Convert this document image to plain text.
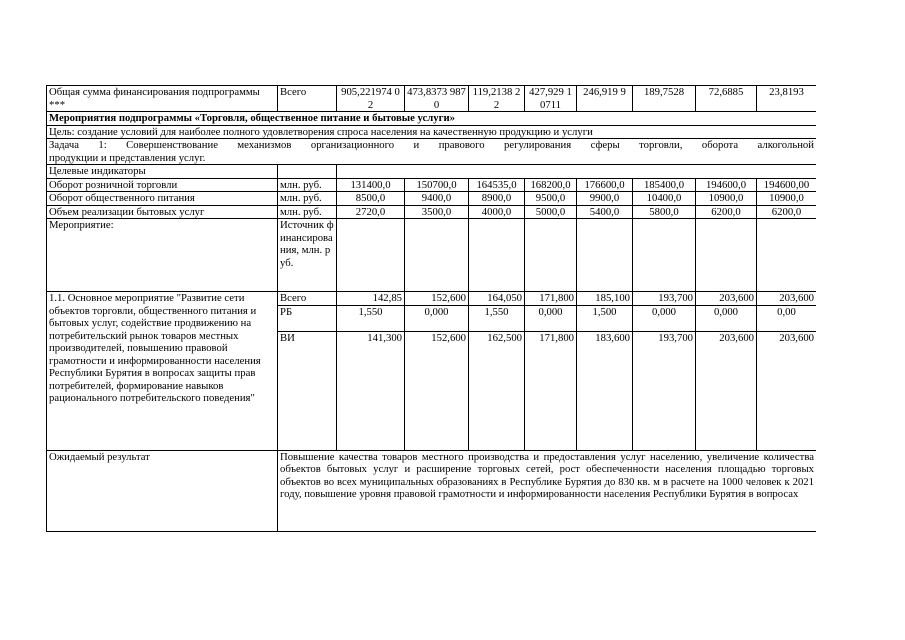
Общая сумма финансирования подпрограммы ***	Всего	905,221974 02	473,8373 9870	119,2138 22	427,929 10711	246,919 9	189,7528	72,6885	23,8193
Мероприятия подпрограммы «Торговля, общественное питание и бытовые услуги»									
Цель: создание условий для наиболее полного удовлетворения спроса населения на качественную продукцию и услуги									

Задача 1: Совершенствование механизмов организационного и правового регулирования сферы торговли, оборота алкогольной
продукции и представления услуг.									

Целевые индикаторы									
Оборот розничной торговли	млн. руб.	131400,0	150700,0	164535,0	168200,0	176600,0	185400,0	194600,0	194600,00
Оборот общественного питания	млн. руб.	8500,0	9400,0	8900,0	9500,0	9900,0	10400,0	10900,0	10900,0
Объем реализации бытовых услуг	млн. руб.	2720,0	3500,0	4000,0	5000,0	5400,0	5800,0	6200,0	6200,0
Мероприятие:	Источник финансирования, млн. руб.								
1.1. Основное мероприятие "Развитие сети объектов торговли, общественного питания и бытовых услуг, содействие продвижению на потребительский рынок товаров местных производителей, повышению правовой грамотности и информированности населения Республики Бурятия в вопросах защиты прав потребителей, формирование навыков рационального потребительского поведения"	Всего	142,85	152,600	164,050	171,800	185,100	193,700	203,600	203,600
	РБ	1,550	0,000	1,550	0,000	1,500	0,000	0,000	0,00
	ВИ	141,300	152,600	162,500	171,800	183,600	193,700	203,600	203,600
Ожидаемый результат	Повышение качества товаров местного производства и предоставления услуг населению, увеличение количества объектов бытовых услуг и расширение торговых сетей, рост обеспеченности населения площадью торговых объектов во всех муниципальных образованиях в Республике Бурятия до 830 кв. м в расчете на 1000 человек к 2021 году, повышение уровня правовой грамотности и информированности населения Республики Бурятия в вопросах								
